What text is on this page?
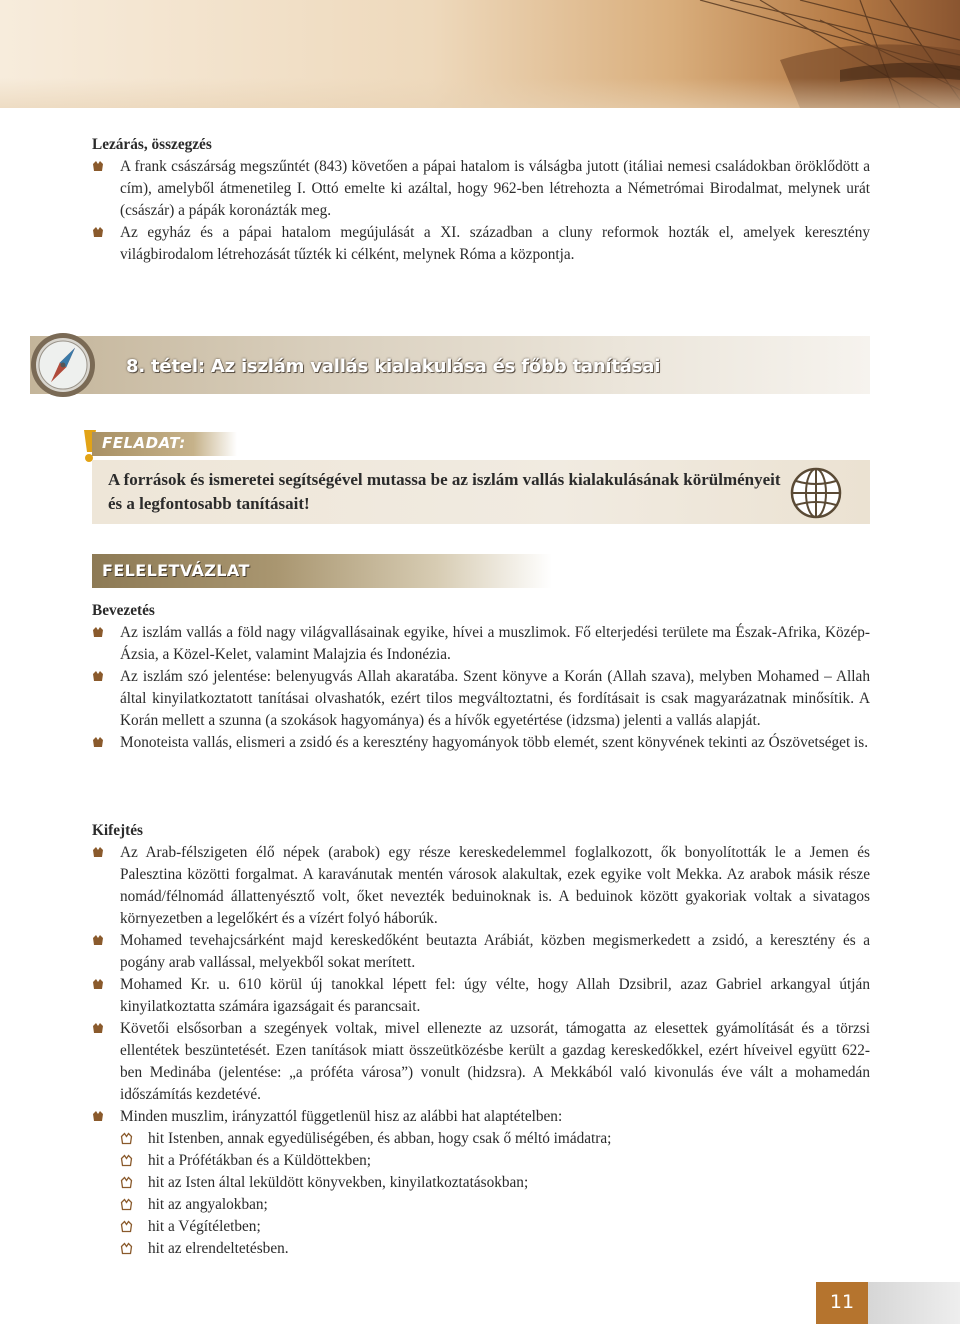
Lezárás, összegzés
A frank császárság megszűntét (843) követően a pápai hatalom is válságba jutott (itáliai nemesi családokban öröklődött a cím), amelyből átmenetileg I. Ottó emelte ki azáltal, hogy 962-ben létrehozta a Németrómai Birodalmat, melynek urát (császár) a pápák koronázták meg.
Az egyház és a pápai hatalom megújulását a XI. században a cluny reformok hozták el, amelyek keresztény világbirodalom létrehozását tűzték ki célként, melynek Róma a központja.
8. tétel: Az iszlám vallás kialakulása és főbb tanításai
FELADAT:
A források és ismeretei segítségével mutassa be az iszlám vallás kialakulásának körülményeit és a legfontosabb tanításait!
FELELETVÁZLAT
Bevezetés
Az iszlám vallás a föld nagy világvallásainak egyike, hívei a muszlimok. Fő elterjedési területe ma Észak-Afrika, Közép-Ázsia, a Közel-Kelet, valamint Malajzia és Indonézia.
Az iszlám szó jelentése: belenyugvás Allah akaratába. Szent könyve a Korán (Allah szava), melyben Mohamed – Allah által kinyilatkoztatott tanításai olvashatók, ezért tilos megváltoztatni, és fordításait is csak magyarázatnak minősítik. A Korán mellett a szunna (a szokások hagyománya) és a hívők egyetértése (idzsma) jelenti a vallás alapját.
Monoteista vallás, elismeri a zsidó és a keresztény hagyományok több elemét, szent könyvének tekinti az Ószövetséget is.
Kifejtés
Az Arab-félszigeten élő népek (arabok) egy része kereskedelemmel foglalkozott, ők bonyolították le a Jemen és Palesztina közötti forgalmat. A karavánutak mentén városok alakultak, ezek egyike volt Mekka. Az arabok másik része nomád/félnomád állattenyésztő volt, őket nevezték beduinoknak is. A beduinok között gyakoriak voltak a sivatagos környezetben a legelőkért és a vízért folyó háborúk.
Mohamed tevehajcsárként majd kereskedőként beutazta Arábiát, közben megismerkedett a zsidó, a keresztény és a pogány arab vallással, melyekből sokat merített.
Mohamed Kr. u. 610 körül új tanokkal lépett fel: úgy vélte, hogy Allah Dzsibril, azaz Gabriel arkangyal útján kinyilatkoztatta számára igazságait és parancsait.
Követői elsősorban a szegények voltak, mivel ellenezte az uzsorát, támogatta az elesettek gyámolítását és a törzsi ellentétek beszüntetését. Ezen tanítások miatt összeütközésbe került a gazdag kereskedőkkel, ezért híveivel együtt 622-ben Medinába (jelentése: „a próféta városa”) vonult (hidzsra). A Mekkából való kivonulás éve vált a mohamedán időszámítás kezdetévé.
Minden muszlim, irányzattól függetlenül hisz az alábbi hat alaptételben:
hit Istenben, annak egyedüliségében, és abban, hogy csak ő méltó imádatra;
hit a Prófétákban és a Küldöttekben;
hit az Isten által leküldött könyvekben, kinyilatkoztatásokban;
hit az angyalokban;
hit a Végítéletben;
hit az elrendeltetésben.
11
